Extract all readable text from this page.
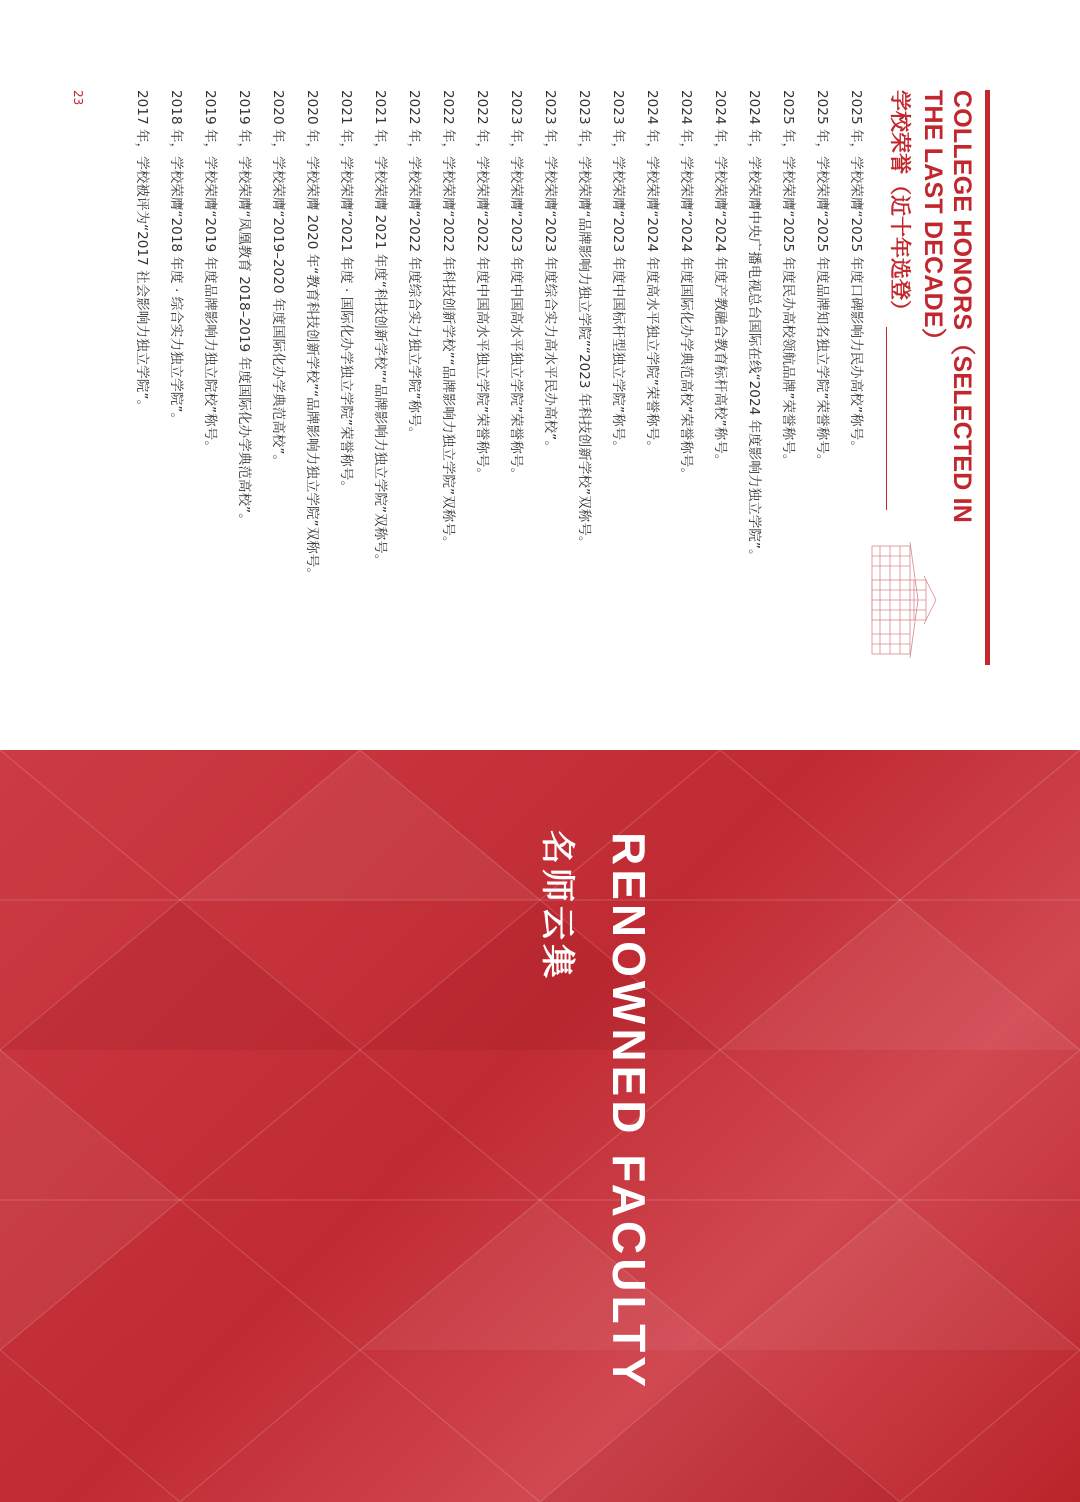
COLLEGE HONORS（SELECTED IN THE LAST DECADE）
学校荣誉（近十年选登）
2025 年，学校荣膺“2025 年度口碑影响力民办高校”称号。
2025 年，学校荣膺“2025 年度品牌知名独立学院”荣誉称号。
2025 年，学校荣膺“2025 年度民办高校领航品牌”荣誉称号。
2024 年，学校荣膺中央广播电视总台国际在线“2024 年度影响力独立学院”。
2024 年，学校荣膺“2024 年度产教融合教育标杆高校”称号。
2024 年，学校荣膺“2024 年度国际化办学典范高校”荣誉称号。
2024 年，学校荣膺“2024 年度高水平独立学院”荣誉称号。
2023 年，学校荣膺“2023 年度中国标杆型独立学院”称号。
2023 年，学校荣膺“品牌影响力独立学院”“2023 年科技创新学校”双称号。
2023 年，学校荣膺“2023 年度综合实力高水平民办高校”。
2023 年，学校荣膺“2023 年度中国高水平独立学院”荣誉称号。
2022 年，学校荣膺“2022 年度中国高水平独立学院”荣誉称号。
2022 年，学校荣膺“2022 年科技创新学校”“品牌影响力独立学院”双称号。
2022 年，学校荣膺“2022 年度综合实力独立学院”称号。
2021 年，学校荣膺 2021 年度“科技创新学校”“品牌影响力独立学院”双称号。
2021 年，学校荣膺“2021 年度 · 国际化办学独立学院”荣誉称号。
2020 年，学校荣膺 2020 年“教育科技创新学校”“品牌影响力独立学院”双称号。
2020 年，学校荣膺“2019–2020 年度国际化办学典范高校”。
2019 年，学校荣膺“凤凰教育 2018–2019 年度国际化办学典范高校”。
2019 年，学校荣膺“2019 年度品牌影响力独立院校”称号。
2018 年，学校荣膺“2018 年度 · 综合实力独立学院”。
2017 年，学校被评为“2017 社会影响力独立学院”。
23
RENOWNED FACULTY
名师云集
